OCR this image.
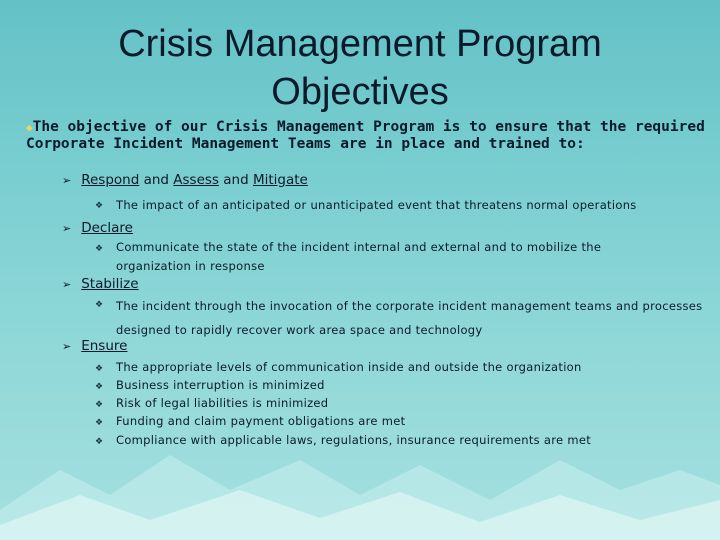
Crisis Management Program
Objectives
◆The objective of our Crisis Management Program is to ensure that the required Corporate Incident Management Teams are in place and trained to:
➢ Respond and Assess and Mitigate
❖ The impact of an anticipated or unanticipated event that threatens normal operations
➢ Declare
❖ Communicate the state of the incident internal and external and to mobilize the organization in response
➢ Stabilize
❖ The incident through the invocation of the corporate incident management teams and processes designed to rapidly recover work area space and technology
➢ Ensure
❖ The appropriate levels of communication inside and outside the organization
❖ Business interruption is minimized
❖ Risk of legal liabilities is minimized
❖ Funding and claim payment obligations are met
❖ Compliance with applicable laws, regulations, insurance requirements are met
